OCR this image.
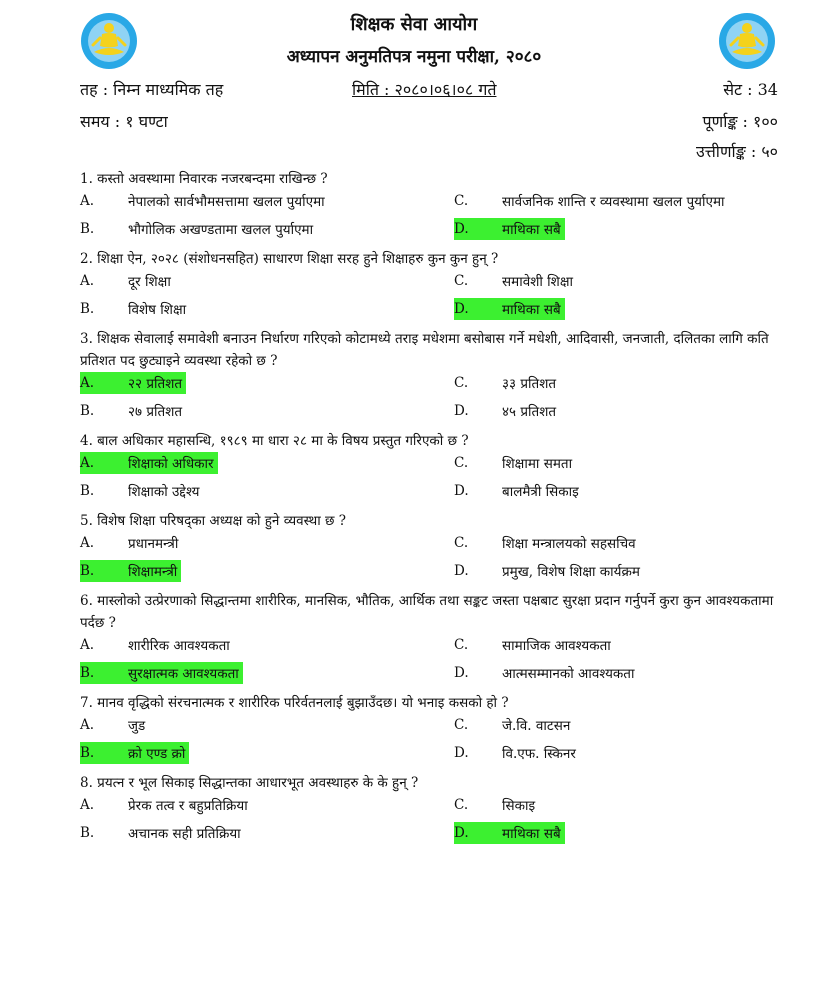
शिक्षक सेवा आयोग
अध्यापन अनुमतिपत्र नमुना परीक्षा, २०८०
तह : निम्न माध्यमिक तह	मिति : २०८०।०६।०८ गते	सेट : 34
समय : १ घण्टा	पूर्णाङ्क : १००
उत्तीर्णाङ्क : ५०

1. कस्तो अवस्थामा निवारक नजरबन्दमा राखिन्छ ?

A.	नेपालको सार्वभौमसत्तामा खलल पुर्याएमा	C.	सार्वजनिक शान्ति र व्यवस्थामा खलल पुर्याएमा
B.	भौगोलिक अखण्डतामा खलल पुर्याएमा	D.	माथिका सबै

2. शिक्षा ऐन, २०२८ (संशोधनसहित) साधारण शिक्षा सरह हुने शिक्षाहरु कुन कुन हुन् ?

A.	दूर शिक्षा	C.	समावेशी शिक्षा
B.	विशेष शिक्षा	D.	माथिका सबै

3. शिक्षक सेवालाई समावेशी बनाउन निर्धारण गरिएको कोटामध्ये तराइ मधेशमा बसोबास गर्ने मधेशी, आदिवासी, जनजाती, दलितका लागि कति प्रतिशत पद छुट्याइने व्यवस्था रहेको छ ?

A.	२२ प्रतिशत	C.	३३ प्रतिशत
B.	२७ प्रतिशत	D.	४५ प्रतिशत

4. बाल अधिकार महासन्धि, १९८९ मा धारा २८ मा के विषय प्रस्तुत गरिएको छ ?

A.	शिक्षाको अधिकार	C.	शिक्षामा समता
B.	शिक्षाको उद्देश्य	D.	बालमैत्री सिकाइ

5. विशेष शिक्षा परिषद्का अध्यक्ष को हुने व्यवस्था छ ?

A.	प्रधानमन्त्री	C.	शिक्षा मन्त्रालयको सहसचिव
B.	शिक्षामन्त्री	D.	प्रमुख, विशेष शिक्षा कार्यक्रम

6. मास्लोको उत्प्रेरणाको सिद्धान्तमा शारीरिक, मानसिक, भौतिक, आर्थिक तथा सङ्कट जस्ता पक्षबाट सुरक्षा प्रदान गर्नुपर्ने कुरा कुन आवश्यकतामा पर्दछ ?

A.	शारीरिक आवश्यकता	C.	सामाजिक आवश्यकता
B.	सुरक्षात्मक आवश्यकता	D.	आत्मसम्मानको आवश्यकता

7. मानव वृद्धिको संरचनात्मक र शारीरिक परिर्वतनलाई बुझाउँदछ। यो भनाइ कसको हो ?

A.	जुड	C.	जे.वि. वाटसन
B.	क्रो एण्ड क्रो	D.	वि.एफ. स्किनर

8. प्रयत्न र भूल सिकाइ सिद्धान्तका आधारभूत अवस्थाहरु के के हुन् ?

A.	प्रेरक तत्व र बहुप्रतिक्रिया	C.	सिकाइ
B.	अचानक सही प्रतिक्रिया	D.	माथिका सबै
